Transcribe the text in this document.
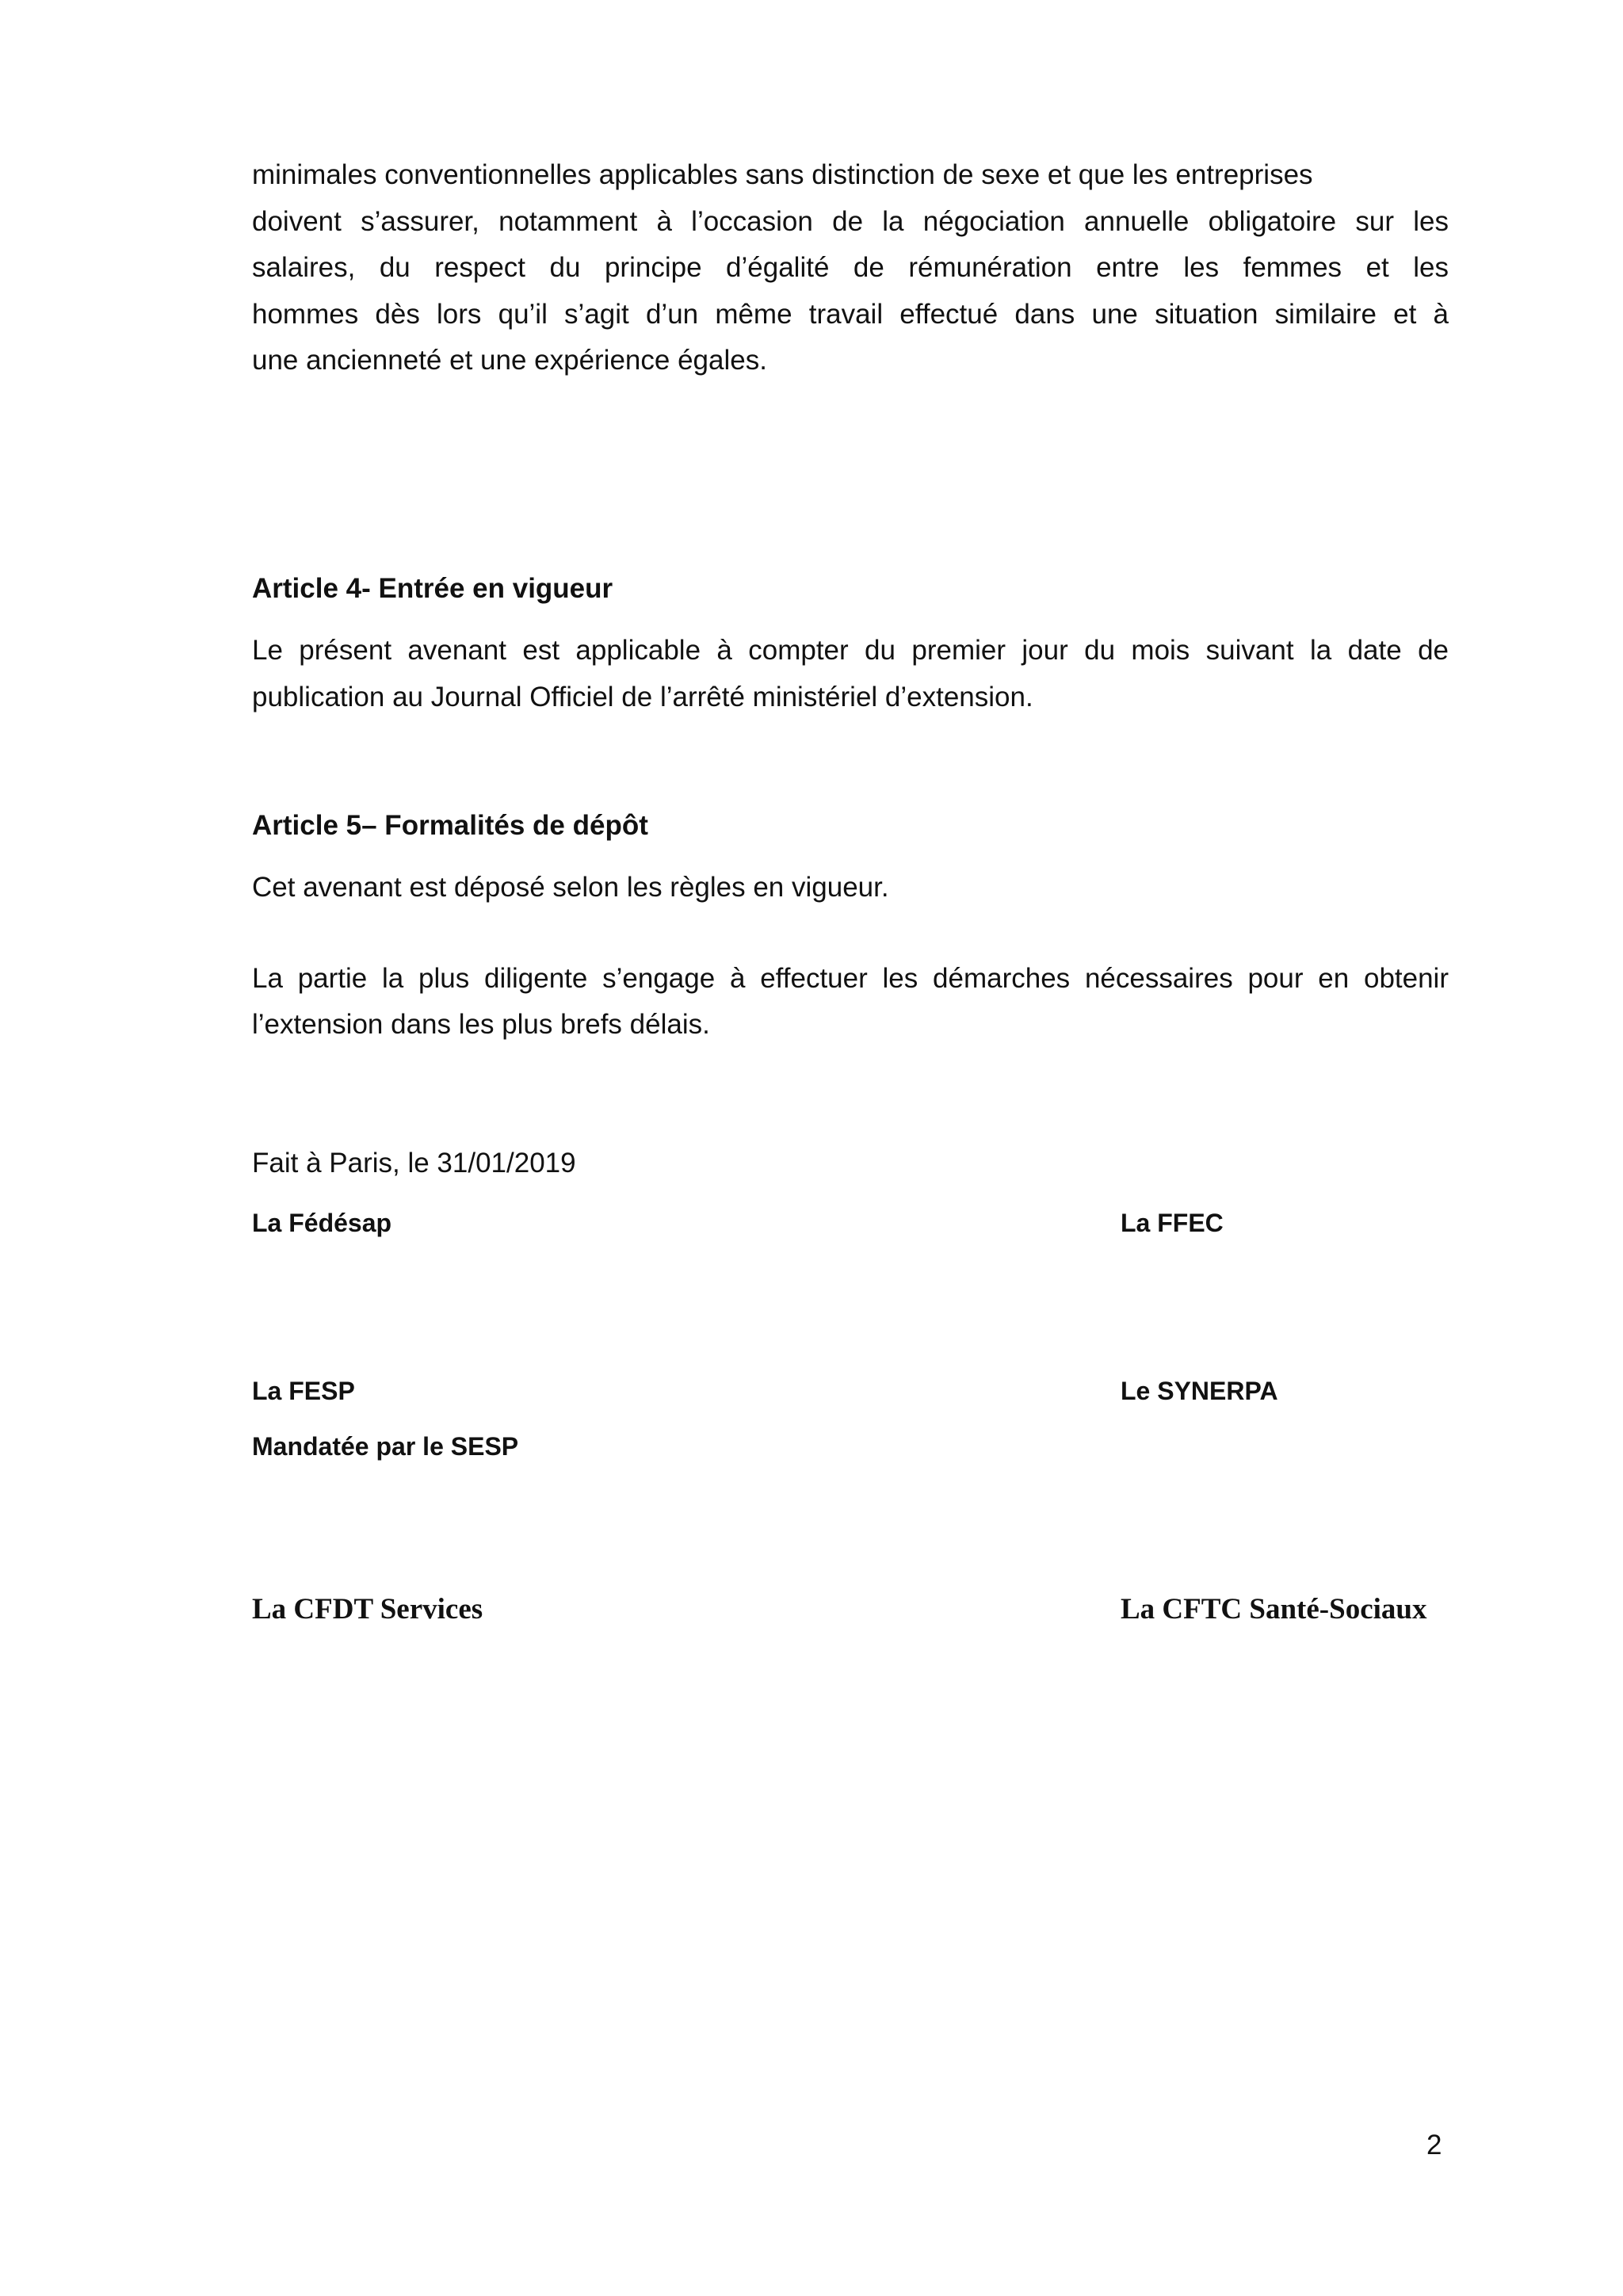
minimales conventionnelles applicables sans distinction de sexe et que les entreprises

doivent s’assurer, notamment à l’occasion de la négociation annuelle obligatoire sur les

salaires, du respect du principe d’égalité de rémunération entre les femmes et les

hommes dès lors qu’il s’agit d’un même travail effectué dans une situation similaire et à

une ancienneté et une expérience égales.

Article 4- Entrée en vigueur

Le présent avenant est applicable à compter du premier jour du mois suivant la date de

publication au Journal Officiel de l’arrêté ministériel d’extension.

Article 5– Formalités de dépôt

Cet avenant est déposé selon les règles en vigueur.

La partie la plus diligente s’engage à effectuer les démarches nécessaires pour en obtenir

l’extension dans les plus brefs délais.

Fait à Paris, le 31/01/2019

La Fédésap	La FFEC

La FESP	Le SYNERPA

Mandatée par le SESP

La CFDT Services	La CFTC Santé-Sociaux

2
